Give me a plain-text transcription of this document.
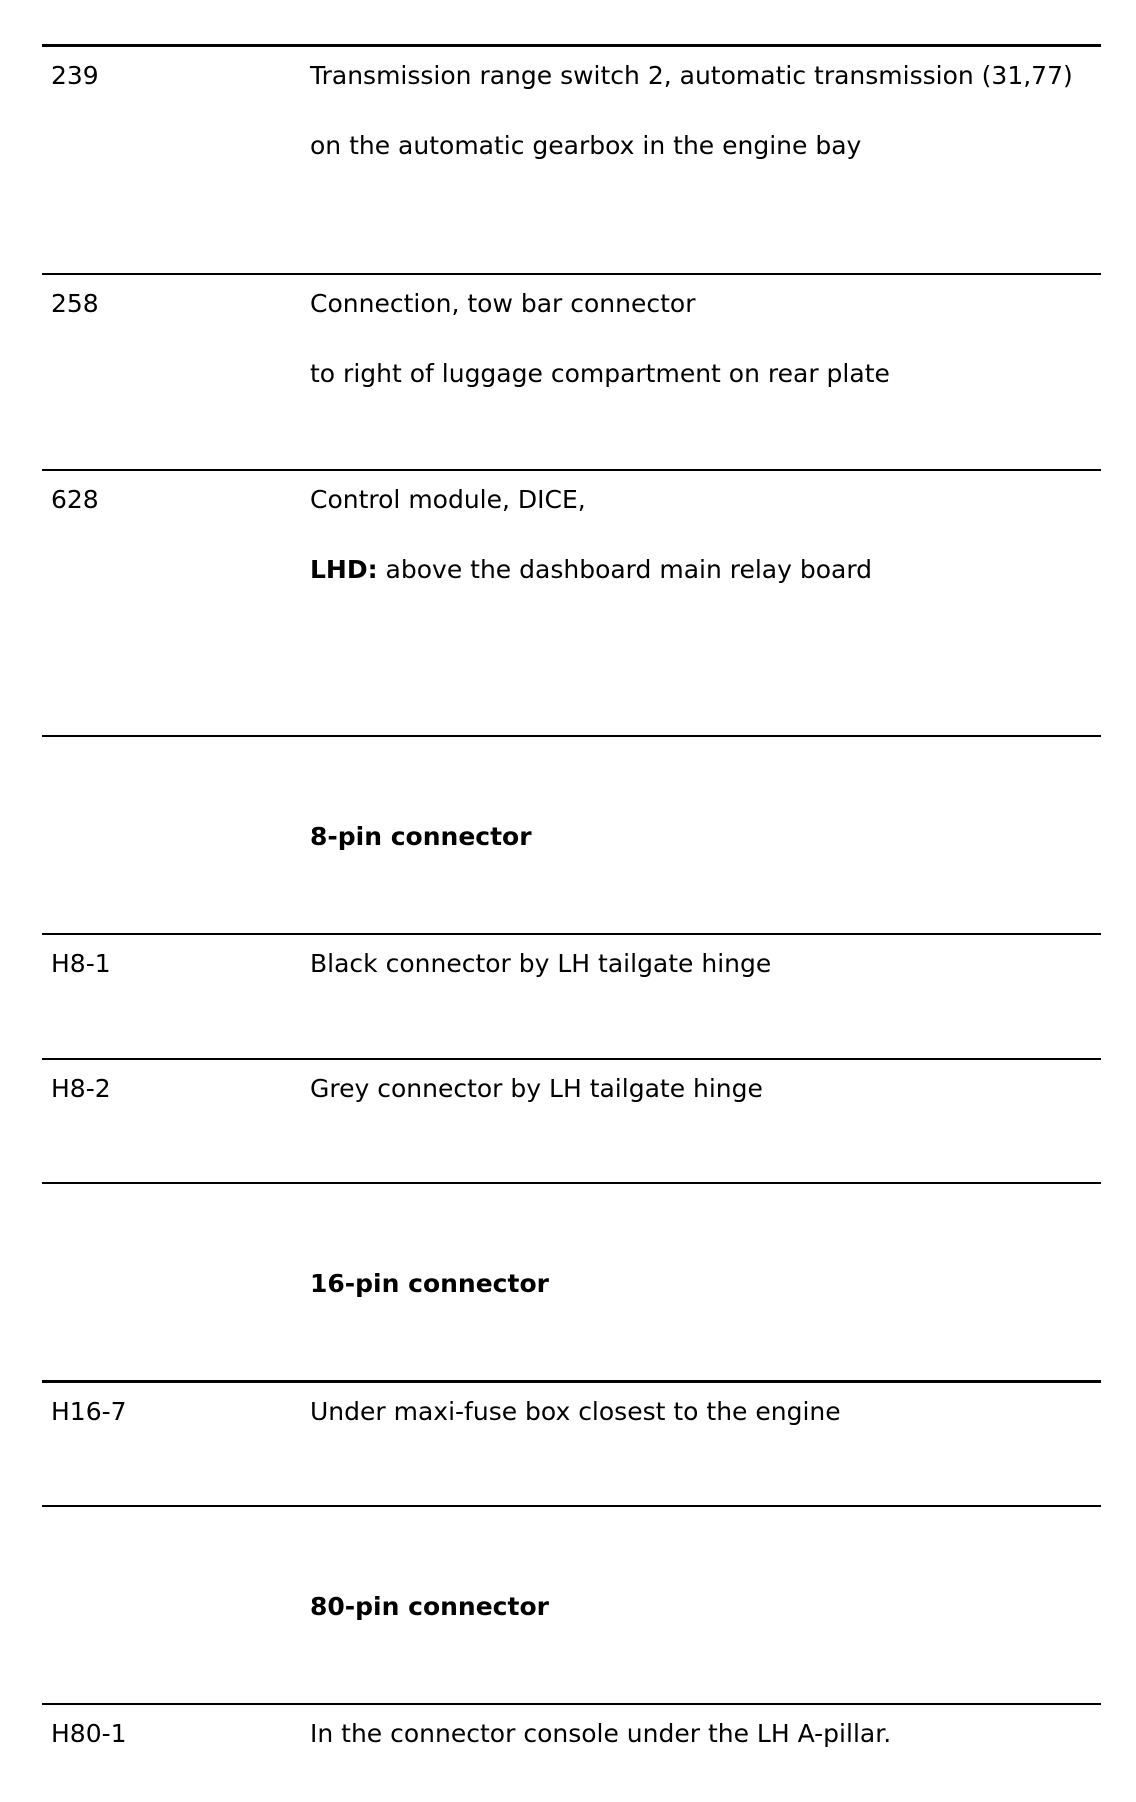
239	Transmission range switch 2, automatic transmission (31,77)

on the automatic gearbox in the engine bay

258	Connection, tow bar connector

to right of luggage compartment on rear plate

628	Control module, DICE,

LHD: above the dashboard main relay board

8-pin connector
H8-1	Black connector by LH tailgate hinge

H8-2	Grey connector by LH tailgate hinge

16-pin connector
H16-7	Under maxi-fuse box closest to the engine

80-pin connector
H80-1	In the connector console under the LH A-pillar.
